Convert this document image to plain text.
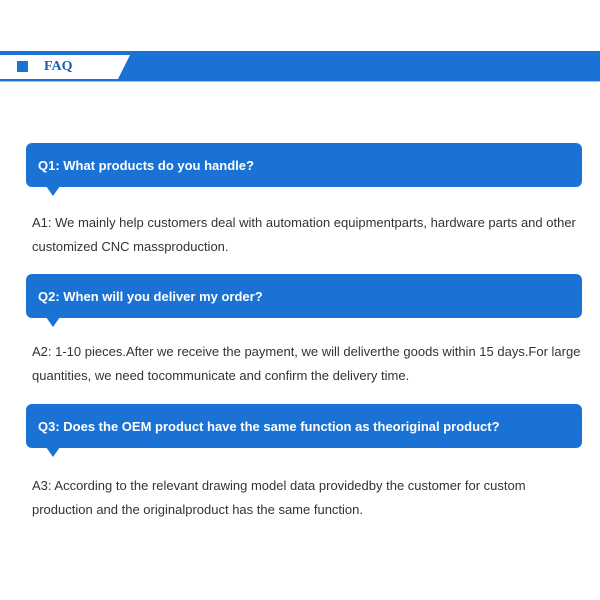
FAQ
Q1: What products do you handle?
A1: We mainly help customers deal with automation equipmentparts, hardware parts and other customized CNC massproduction.
Q2: When will you deliver my order?
A2: 1-10 pieces.After we receive the payment, we will deliverthe goods within 15 days.For large quantities, we need tocommunicate and confirm the delivery time.
Q3: Does the OEM product have the same function as theoriginal product?
A3: According to the relevant drawing model data providedby the customer for custom production and the originalproduct has the same function.
